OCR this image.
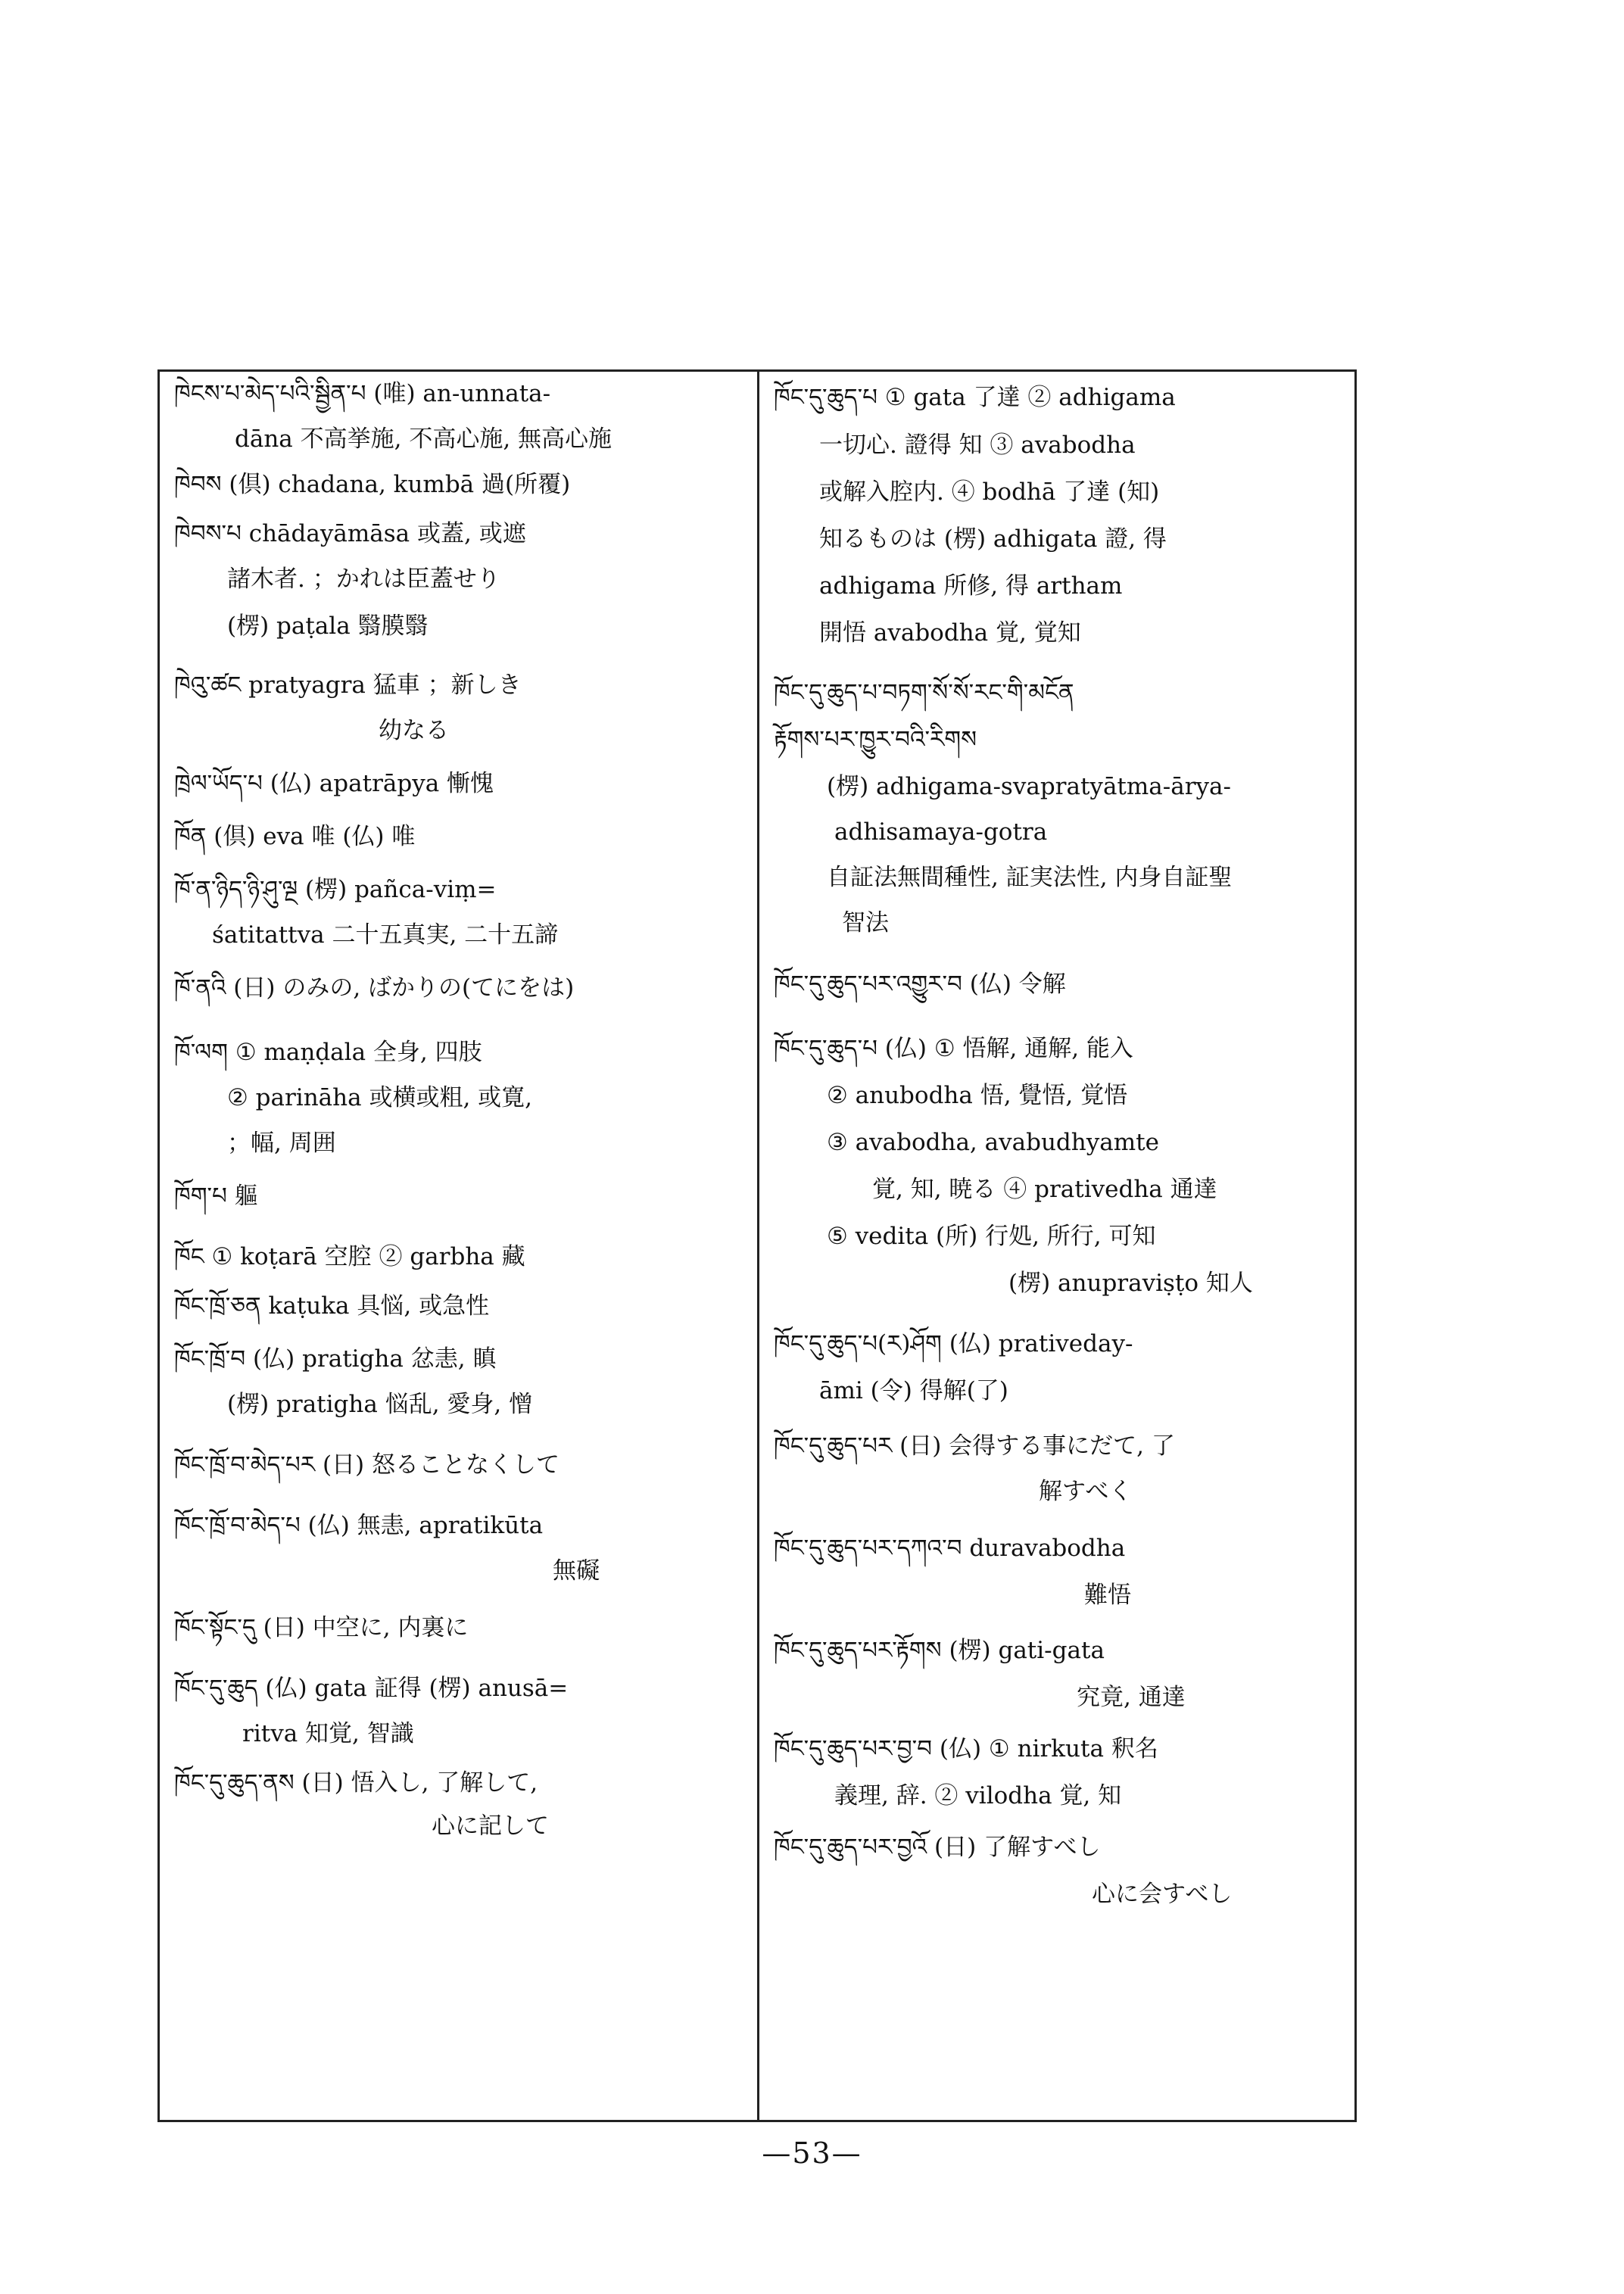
ཁེངས་པ་མེད་པའི་སྦྱིན་པ (唯) an-unnata-
dāna 不高挙施, 不高心施, 無高心施
ཁེབས (倶) chadana, kumbā 過(所覆)
ཁེབས་པ chādayāmāsa 或蓋, 或遮
諸木者. ；かれは臣蓋せり
(楞) paṭala 翳膜翳
ཁེའུ་ཚང pratyagra 猛車 ；新しき
幼なる
ཁྲེལ་ཡོད་པ (仏) apatrāpya 慚愧
ཁོན (倶) eva 唯 (仏) 唯
ཁོ་ན་ཉིད་ཉི་ཤུ་ལྔ (楞) pañca-viṃ=
śatitattva 二十五真実, 二十五諦
ཁོ་ནའི (日) のみの, ばかりの(てにをは)
ཁོ་ལག ① maṇḍala 全身, 四肢
② parināha 或横或粗, 或寛,
；幅, 周囲
ཁོག་པ 軀
ཁོང ① koṭarā 空腔 ② garbha 藏
ཁོང་ཁྲོ་ཅན kaṭuka 具悩, 或急性
ཁོང་ཁྲོ་བ (仏) pratigha 忿恚, 瞋
(楞) pratigha 悩乱, 愛身, 憎
ཁོང་ཁྲོ་བ་མེད་པར (日) 怒ることなくして
ཁོང་ཁྲོ་བ་མེད་པ (仏) 無恚, apratikūta
無礙
ཁོང་སྟོང་དུ (日) 中空に, 内裏に
ཁོང་དུ་ཆུད (仏) gata 証得 (楞) anusā=
ritva 知覚, 智識
ཁོང་དུ་ཆུད་ནས (日) 悟入し, 了解して,
心に記して
ཁོང་དུ་ཆུད་པ ① gata 了達 ② adhigama
一切心. 證得 知 ③ avabodha
或解入腔内. ④ bodhā 了達 (知)
知るものは (楞) adhigata 證, 得
adhigama 所修, 得 artham
開悟 avabodha 覚, 覚知
ཁོང་དུ་ཆུད་པ་བཏག་སོ་སོ་རང་གི་མངོན
རྟོགས་པར་ཁྱུར་བའི་རིགས
(楞) adhigama-svapratyātma-ārya-
adhisamaya-gotra
自証法無間種性, 証実法性, 内身自証聖
智法
ཁོང་དུ་ཆུད་པར་འགྱུར་བ (仏) 令解
ཁོང་དུ་ཆུད་པ (仏) ① 悟解, 通解, 能入
② anubodha 悟, 覺悟, 覚悟
③ avabodha, avabudhyamte
覚, 知, 暁る ④ prativedha 通達
⑤ vedita (所) 行処, 所行, 可知
(楞) anupraviṣṭo 知人
ཁོང་དུ་ཆུད་པ(ར)ཤོག (仏) prativeday-
āmi (令) 得解(了)
ཁོང་དུ་ཆུད་པར (日) 会得する事にだて, 了
解すべく
ཁོང་དུ་ཆུད་པར་དཀའ་བ duravabodha
難悟
ཁོང་དུ་ཆུད་པར་རྟོགས (楞) gati-gata
究竟, 通達
ཁོང་དུ་ཆུད་པར་བྱ་བ (仏) ① nirkuta 釈名
義理, 辞. ② vilodha 覚, 知
ཁོང་དུ་ཆུད་པར་བྱའོ (日) 了解すべし
心に会すべし
—53—
